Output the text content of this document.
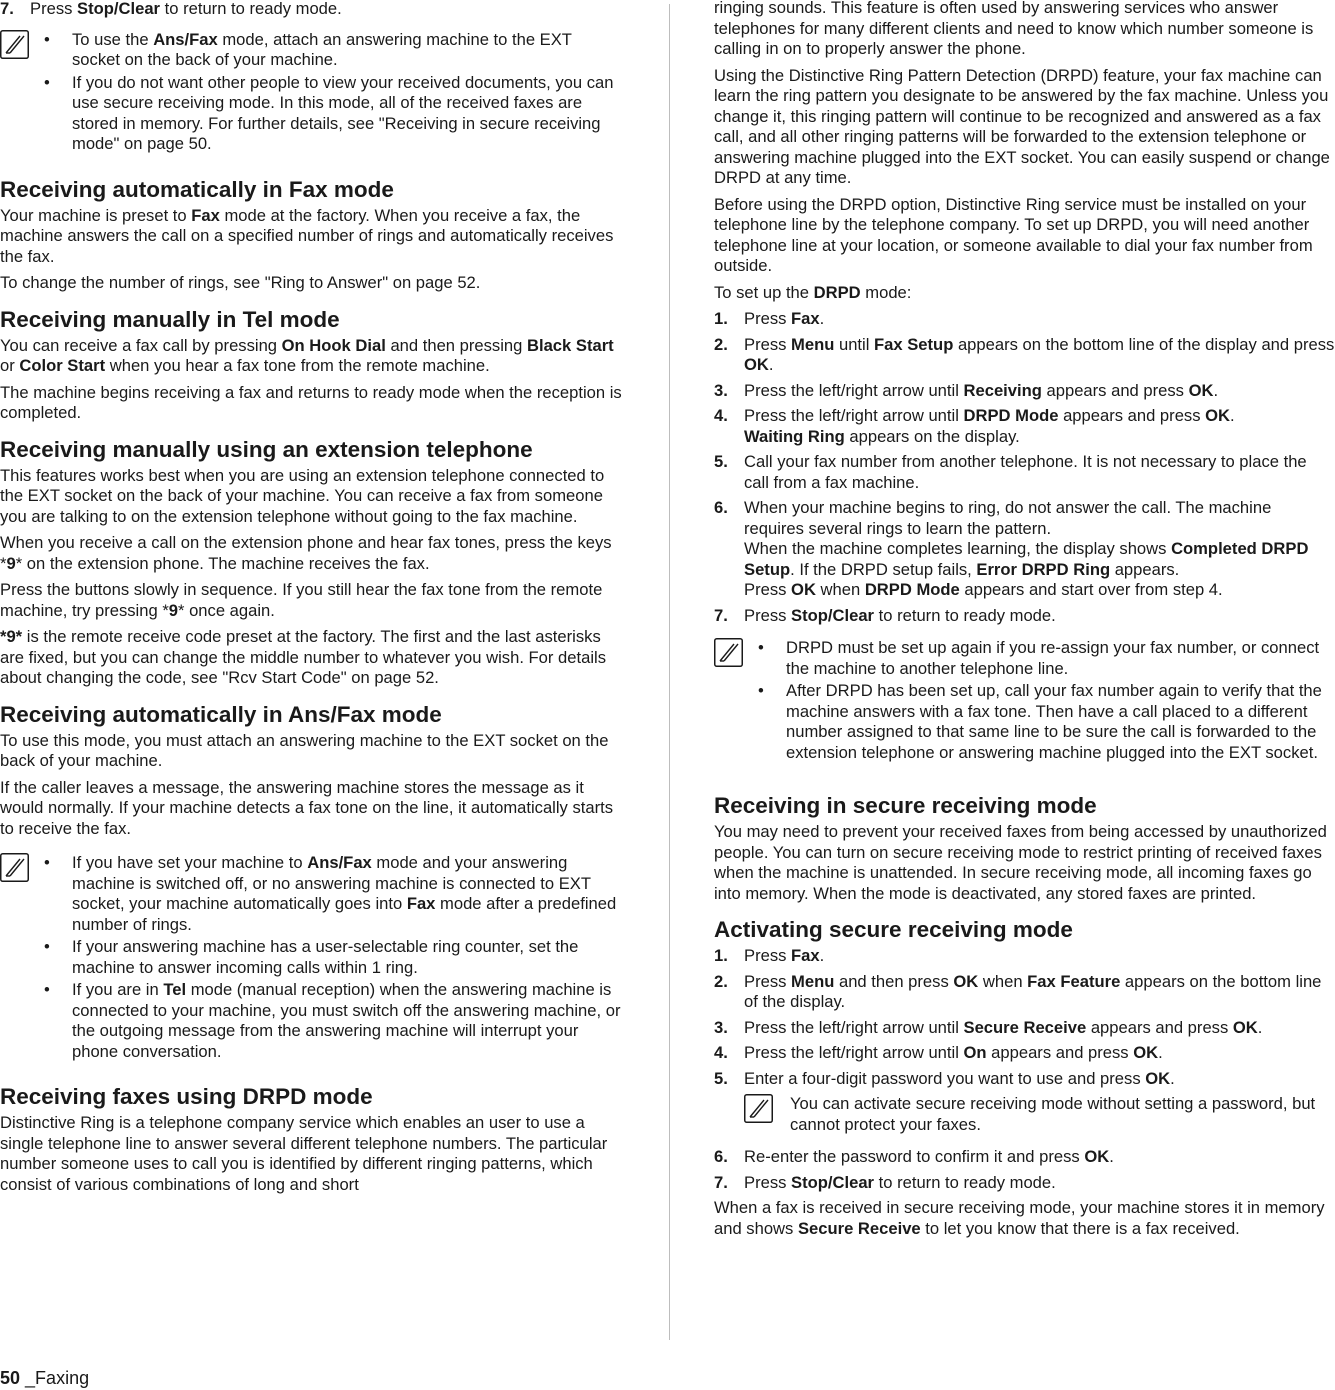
7. Press Stop/Clear to return to ready mode.
• To use the Ans/Fax mode, attach an answering machine to the EXT socket on the back of your machine.
• If you do not want other people to view your received documents, you can use secure receiving mode. In this mode, all of the received faxes are stored in memory. For further details, see "Receiving in secure receiving mode" on page 50.
Receiving automatically in Fax mode

Your machine is preset to Fax mode at the factory. When you receive a fax, the machine answers the call on a specified number of rings and automatically receives the fax.

To change the number of rings, see "Ring to Answer" on page 52.

Receiving manually in Tel mode

You can receive a fax call by pressing On Hook Dial and then pressing Black Start or Color Start when you hear a fax tone from the remote machine.

The machine begins receiving a fax and returns to ready mode when the reception is completed.

Receiving manually using an extension telephone

This features works best when you are using an extension telephone connected to the EXT socket on the back of your machine. You can receive a fax from someone you are talking to on the extension telephone without going to the fax machine.

When you receive a call on the extension phone and hear fax tones, press the keys *9* on the extension phone. The machine receives the fax.

Press the buttons slowly in sequence. If you still hear the fax tone from the remote machine, try pressing *9* once again.

*9* is the remote receive code preset at the factory. The first and the last asterisks are fixed, but you can change the middle number to whatever you wish. For details about changing the code, see "Rcv Start Code" on page 52.

Receiving automatically in Ans/Fax mode

To use this mode, you must attach an answering machine to the EXT socket on the back of your machine.

If the caller leaves a message, the answering machine stores the message as it would normally. If your machine detects a fax tone on the line, it automatically starts to receive the fax.

• If you have set your machine to Ans/Fax mode and your answering machine is switched off, or no answering machine is connected to EXT socket, your machine automatically goes into Fax mode after a predefined number of rings.
• If your answering machine has a user-selectable ring counter, set the machine to answer incoming calls within 1 ring.
• If you are in Tel mode (manual reception) when the answering machine is connected to your machine, you must switch off the answering machine, or the outgoing message from the answering machine will interrupt your phone conversation.
Receiving faxes using DRPD mode

Distinctive Ring is a telephone company service which enables an user to use a single telephone line to answer several different telephone numbers. The particular number someone uses to call you is identified by different ringing patterns, which consist of various combinations of long and short

ringing sounds. This feature is often used by answering services who answer telephones for many different clients and need to know which number someone is calling in on to properly answer the phone.

Using the Distinctive Ring Pattern Detection (DRPD) feature, your fax machine can learn the ring pattern you designate to be answered by the fax machine. Unless you change it, this ringing pattern will continue to be recognized and answered as a fax call, and all other ringing patterns will be forwarded to the extension telephone or answering machine plugged into the EXT socket. You can easily suspend or change DRPD at any time.

Before using the DRPD option, Distinctive Ring service must be installed on your telephone line by the telephone company. To set up DRPD, you will need another telephone line at your location, or someone available to dial your fax number from outside.

To set up the DRPD mode:

1. Press Fax.
2. Press Menu until Fax Setup appears on the bottom line of the display and press OK.
3. Press the left/right arrow until Receiving appears and press OK.
4. Press the left/right arrow until DRPD Mode appears and press OK.
Waiting Ring appears on the display.
5. Call your fax number from another telephone. It is not necessary to place the call from a fax machine.
6. When your machine begins to ring, do not answer the call. The machine requires several rings to learn the pattern.
When the machine completes learning, the display shows Completed DRPD Setup. If the DRPD setup fails, Error DRPD Ring appears.
Press OK when DRPD Mode appears and start over from step 4.
7. Press Stop/Clear to return to ready mode.
• DRPD must be set up again if you re-assign your fax number, or connect the machine to another telephone line.
• After DRPD has been set up, call your fax number again to verify that the machine answers with a fax tone. Then have a call placed to a different number assigned to that same line to be sure the call is forwarded to the extension telephone or answering machine plugged into the EXT socket.
Receiving in secure receiving mode

You may need to prevent your received faxes from being accessed by unauthorized people. You can turn on secure receiving mode to restrict printing of received faxes when the machine is unattended. In secure receiving mode, all incoming faxes go into memory. When the mode is deactivated, any stored faxes are printed.

Activating secure receiving mode
1. Press Fax.
2. Press Menu and then press OK when Fax Feature appears on the bottom line of the display.
3. Press the left/right arrow until Secure Receive appears and press OK.
4. Press the left/right arrow until On appears and press OK.
5. Enter a four-digit password you want to use and press OK.

You can activate secure receiving mode without setting a password, but cannot protect your faxes.

6. Re-enter the password to confirm it and press OK.
7. Press Stop/Clear to return to ready mode.

When a fax is received in secure receiving mode, your machine stores it in memory and shows Secure Receive to let you know that there is a fax received.

50 _Faxing
